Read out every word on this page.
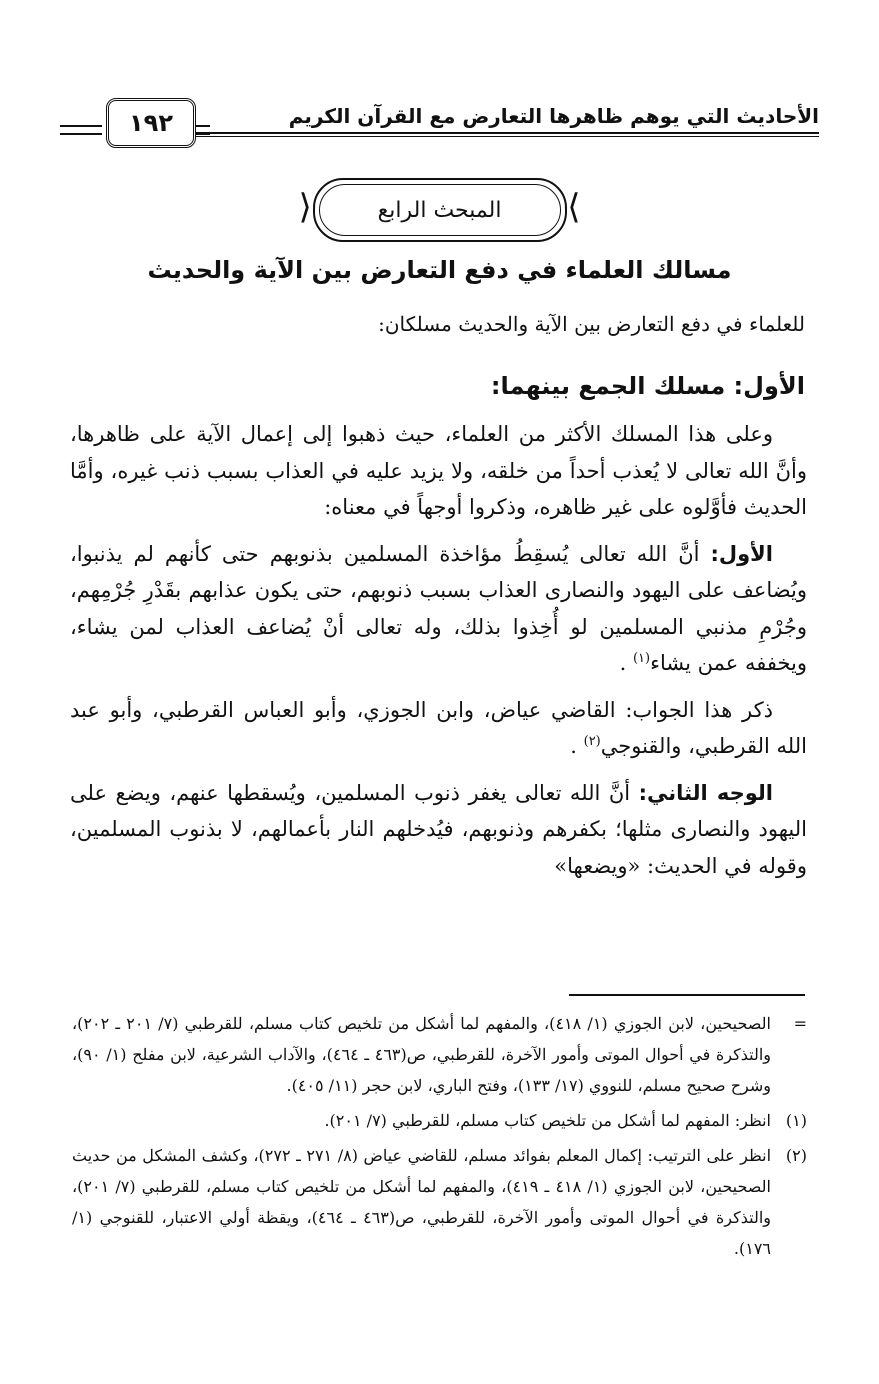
الأحاديث التي يوهم ظاهرها التعارض مع القرآن الكريم
١٩٢
⟩
المبحث الرابع
⟨
مسالك العلماء في دفع التعارض بين الآية والحديث
للعلماء في دفع التعارض بين الآية والحديث مسلكان:
الأول: مسلك الجمع بينهما:

وعلى هذا المسلك الأكثر من العلماء، حيث ذهبوا إلى إعمال الآية على ظاهرها، وأنَّ الله تعالى لا يُعذب أحداً من خلقه، ولا يزيد عليه في العذاب بسبب ذنب غيره، وأمَّا الحديث فأوَّلوه على غير ظاهره، وذكروا أوجهاً في معناه:

الأول: أنَّ الله تعالى يُسقِطُ مؤاخذة المسلمين بذنوبهم حتى كأنهم لم يذنبوا، ويُضاعف على اليهود والنصارى العذاب بسبب ذنوبهم، حتى يكون عذابهم بقَدْرِ جُرْمِهم، وجُرْمِ مذنبي المسلمين لو أُخِذوا بذلك، وله تعالى أنْ يُضاعف العذاب لمن يشاء، ويخففه عمن يشاء$^{(١)}$ .

ذكر هذا الجواب: القاضي عياض، وابن الجوزي، وأبو العباس القرطبي، وأبو عبد الله القرطبي، والقنوجي$^{(٢)}$ .

الوجه الثاني: أنَّ الله تعالى يغفر ذنوب المسلمين، ويُسقطها عنهم، ويضع على اليهود والنصارى مثلها؛ بكفرهم وذنوبهم، فيُدخلهم النار بأعمالهم، لا بذنوب المسلمين، وقوله في الحديث: «ويضعها»

=
الصحيحين، لابن الجوزي (١/ ٤١٨)، والمفهم لما أشكل من تلخيص كتاب مسلم، للقرطبي (٧/ ٢٠١ ـ ٢٠٢)، والتذكرة في أحوال الموتى وأمور الآخرة، للقرطبي، ص(٤٦٣ ـ ٤٦٤)، والآداب الشرعية، لابن مفلح (١/ ٩٠)، وشرح صحيح مسلم، للنووي (١٧/ ١٣٣)، وفتح الباري، لابن حجر (١١/ ٤٠٥).
(١)
انظر: المفهم لما أشكل من تلخيص كتاب مسلم، للقرطبي (٧/ ٢٠١).
(٢)
انظر على الترتيب: إكمال المعلم بفوائد مسلم، للقاضي عياض (٨/ ٢٧١ ـ ٢٧٢)، وكشف المشكل من حديث الصحيحين، لابن الجوزي (١/ ٤١٨ ـ ٤١٩)، والمفهم لما أشكل من تلخيص كتاب مسلم، للقرطبي (٧/ ٢٠١)، والتذكرة في أحوال الموتى وأمور الآخرة، للقرطبي، ص(٤٦٣ ـ ٤٦٤)، ويقظة أولي الاعتبار، للقنوجي (١/ ١٧٦).
